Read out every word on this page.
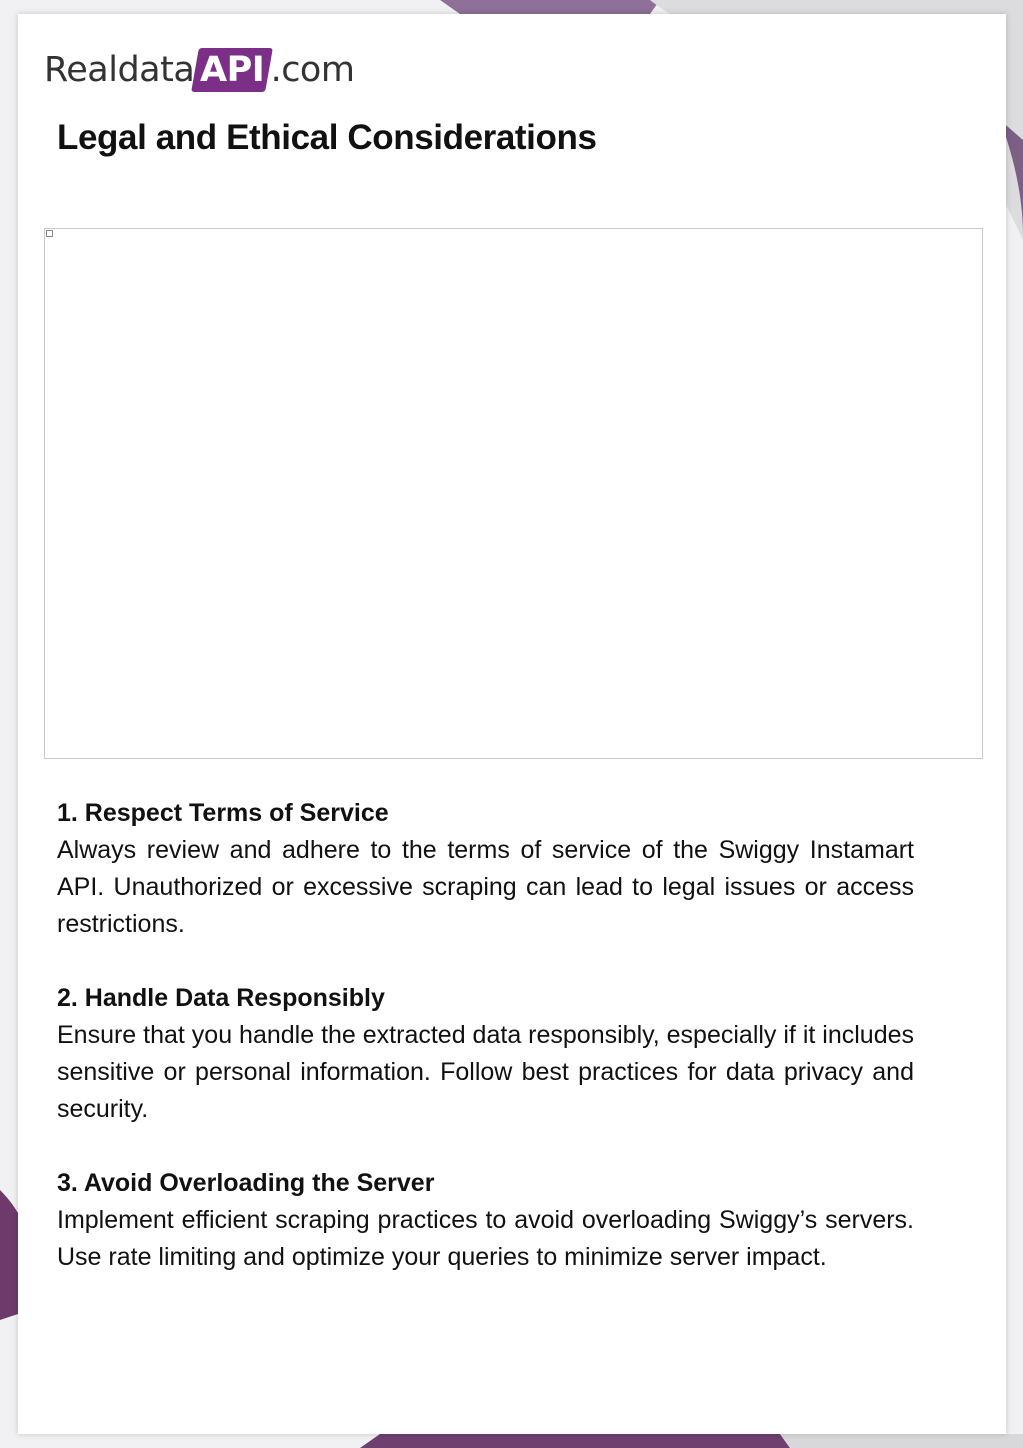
Realdata API .com
Legal and Ethical Considerations
1. Respect Terms of Service

Always review and adhere to the terms of service of the Swiggy Instamart API. Unauthorized or excessive scraping can lead to legal issues or access restrictions.

2. Handle Data Responsibly

Ensure that you handle the extracted data responsibly, especially if it includes sensitive or personal information. Follow best practices for data privacy and security.

3. Avoid Overloading the Server

Implement efficient scraping practices to avoid overloading Swiggy’s servers. Use rate limiting and optimize your queries to minimize server impact.
